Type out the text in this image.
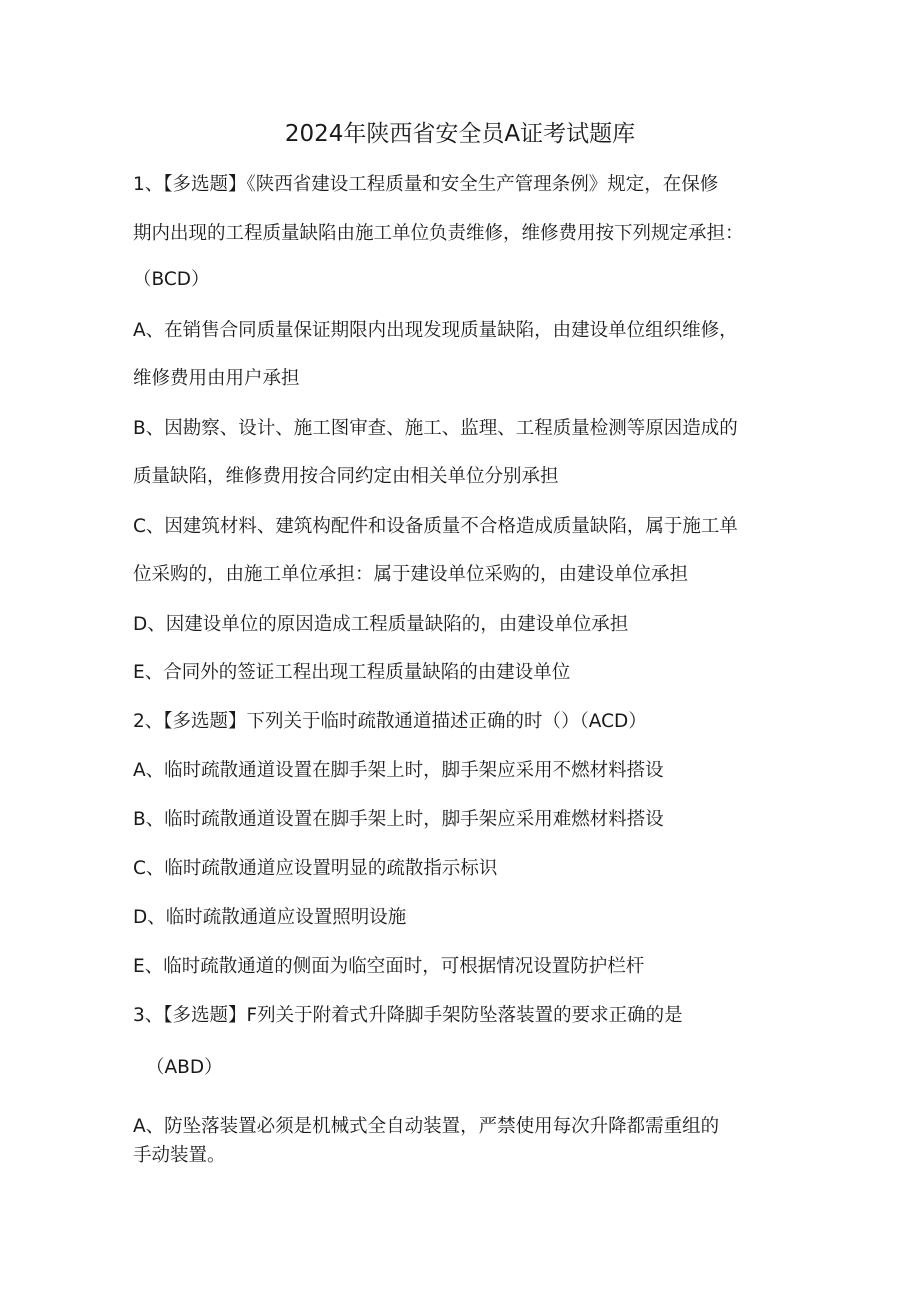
2024年陕西省安全员A证考试题库
1、【多选题】《陕西省建设工程质量和安全生产管理条例》规定，在保修
期内出现的工程质量缺陷由施工单位负责维修，维修费用按下列规定承担：
（BCD）
A、在销售合同质量保证期限内出现发现质量缺陷，由建设单位组织维修，
维修费用由用户承担
B、因勘察、设计、施工图审查、施工、监理、工程质量检测等原因造成的
质量缺陷，维修费用按合同约定由相关单位分别承担
C、因建筑材料、建筑构配件和设备质量不合格造成质量缺陷，属于施工单
位采购的，由施工单位承担：属于建设单位采购的，由建设单位承担
D、因建设单位的原因造成工程质量缺陷的，由建设单位承担
E、合同外的签证工程出现工程质量缺陷的由建设单位
2、【多选题】下列关于临时疏散通道描述正确的时（）（ACD）
A、临时疏散通道设置在脚手架上时，脚手架应采用不燃材料搭设
B、临时疏散通道设置在脚手架上时，脚手架应采用难燃材料搭设
C、临时疏散通道应设置明显的疏散指示标识
D、临时疏散通道应设置照明设施
E、临时疏散通道的侧面为临空面时，可根据情况设置防护栏杆
3、【多选题】F列关于附着式升降脚手架防坠落装置的要求正确的是
（ABD）
A、防坠落装置必须是机械式全自动装置，严禁使用每次升降都需重组的
手动装置。
